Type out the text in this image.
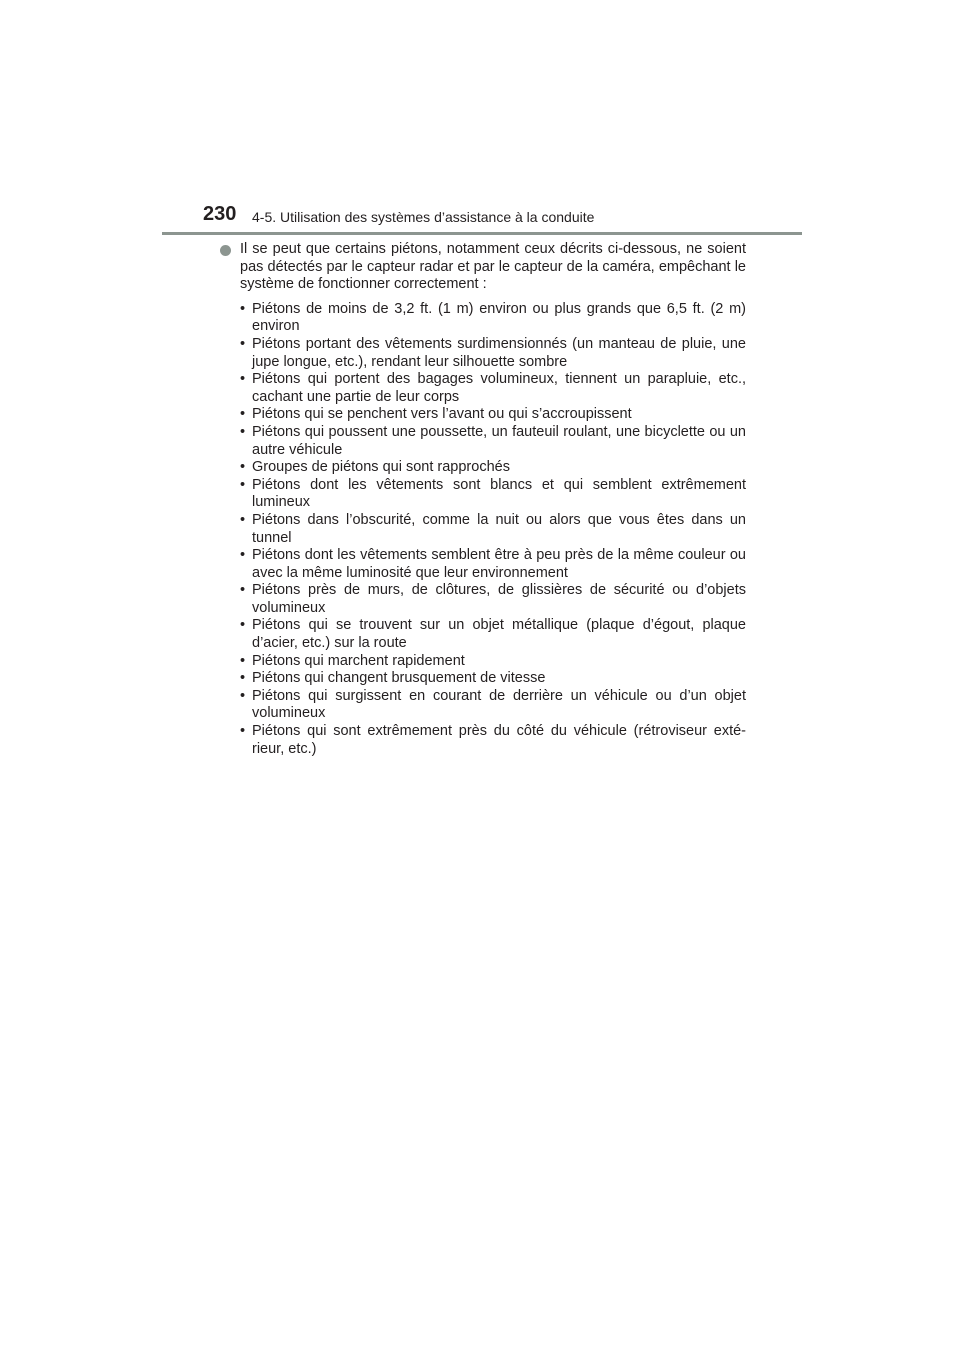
230 4-5. Utilisation des systèmes d’assistance à la conduite
Il se peut que certains piétons, notamment ceux décrits ci-dessous, ne soient pas détectés par le capteur radar et par le capteur de la caméra, empêchant le système de fonctionner correctement :
• Piétons de moins de 3,2 ft. (1 m) environ ou plus grands que 6,5 ft. (2 m) environ
• Piétons portant des vêtements surdimensionnés (un manteau de pluie, une jupe longue, etc.), rendant leur silhouette sombre
• Piétons qui portent des bagages volumineux, tiennent un parapluie, etc., cachant une partie de leur corps
• Piétons qui se penchent vers l’avant ou qui s’accroupissent
• Piétons qui poussent une poussette, un fauteuil roulant, une bicyclette ou un autre véhicule
• Groupes de piétons qui sont rapprochés
• Piétons dont les vêtements sont blancs et qui semblent extrêmement lumineux
• Piétons dans l’obscurité, comme la nuit ou alors que vous êtes dans un tunnel
• Piétons dont les vêtements semblent être à peu près de la même couleur ou avec la même luminosité que leur environnement
• Piétons près de murs, de clôtures, de glissières de sécurité ou d’objets volumineux
• Piétons qui se trouvent sur un objet métallique (plaque d’égout, plaque d’acier, etc.) sur la route
• Piétons qui marchent rapidement
• Piétons qui changent brusquement de vitesse
• Piétons qui surgissent en courant de derrière un véhicule ou d’un objet volumineux
• Piétons qui sont extrêmement près du côté du véhicule (rétroviseur exté-rieur, etc.)
